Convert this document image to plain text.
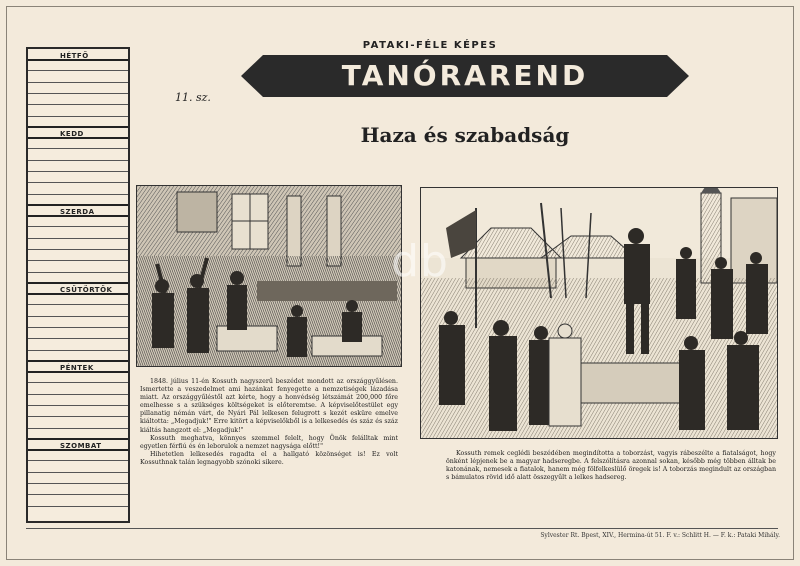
HÉTFŐ
KEDD
SZERDA
CSÜTÖRTÖK
PÉNTEK
SZOMBAT
PATAKI-FÉLE KÉPES
TANÓRAREND
11. sz.
Haza és szabadság
db

1848. július 11-én Kossuth nagyszerű beszédet mondott az országgyűlésen. Ismertette a veszedelmet ami hazánkat fenyegette a nemzetiségek lázadása miatt. Az országgyűléstől azt kérte, hogy a honvédség létszámát 200,000 főre emelhesse s a szükséges költségeket is előteremtse. A képviselőtestület egy pillanatig némán várt, de Nyári Pál lelkesen felugrott s kezét esküre emelve kiáltotta: „Megadjuk!" Erre kitört a képviselőkből is a lelkesedés és száz és száz kiáltás hangzott el: „Megadjuk!"

Kossuth meghatva, könnyes szemmel felelt, hogy Önök felálltak mint egyetlen férfiú és én leborulok a nemzet nagysága előtt!"

Hihetetlen lelkesedés ragadta el a hallgató közönséget is! Ez volt Kossuthnak talán legnagyobb szónoki sikere.

Kossuth remek ceglédi beszédében megindította a toborzást, vagyis rábeszélte a fiatalságot, hogy önként lépjenek be a magyar hadseregbe. A felszólításra azonnal sokan, később még többen álltak be katonának, nemesek a fiatalok, hanem még fölfelkeslülő öregek is! A toborzás megindult az országban s bámulatos rövid idő alatt összegyűlt a lelkes hadsereg.

Sylvester Rt. Bpest, XIV., Hermina-út 51. F. v.: Schlitt H. — F. k.: Pataki Mihály.
